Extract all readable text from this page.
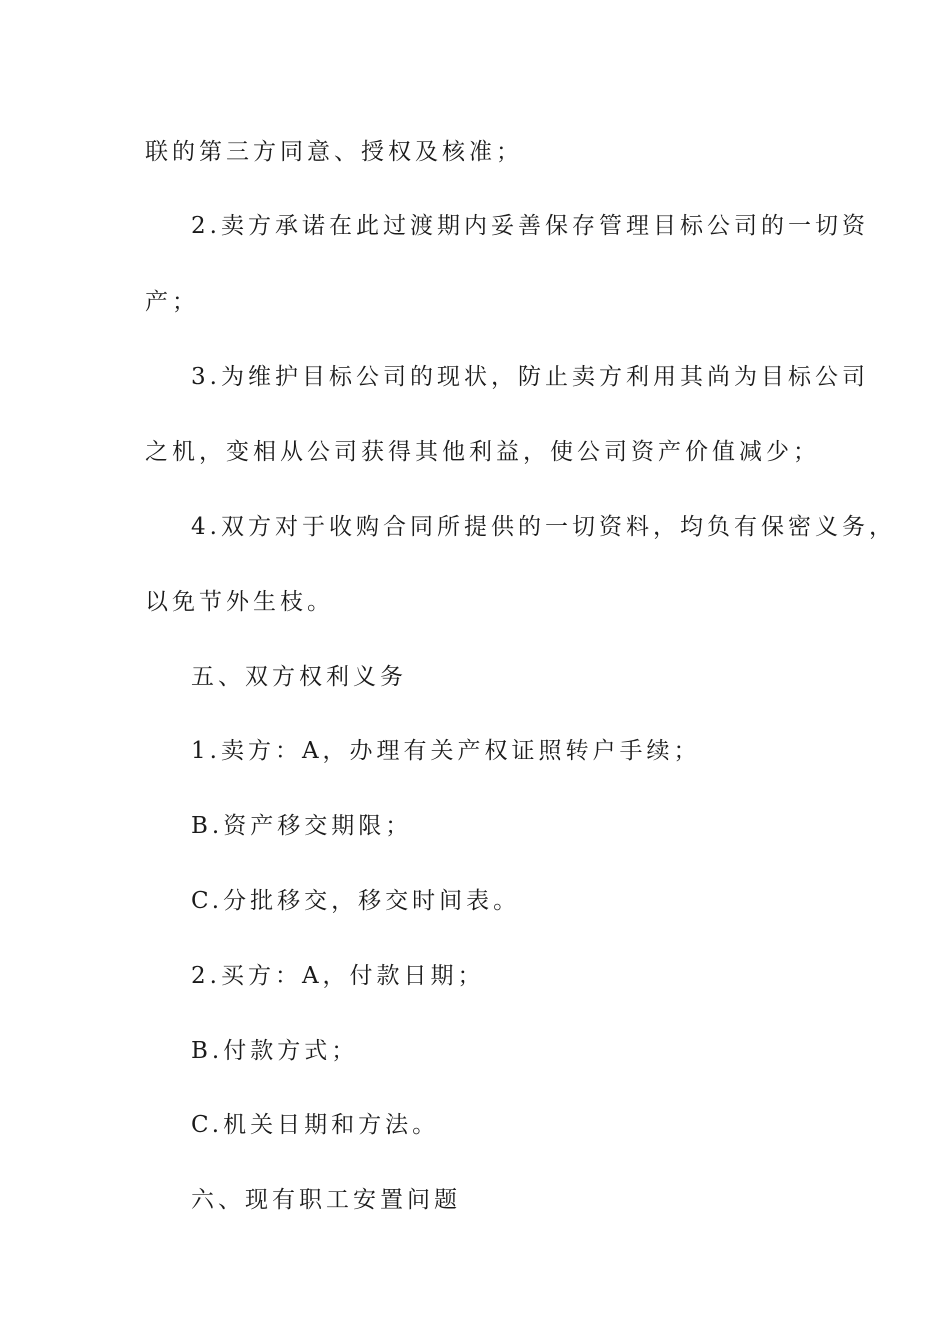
联的第三方同意、授权及核准；
2.卖方承诺在此过渡期内妥善保存管理目标公司的一切资
产；
3.为维护目标公司的现状，防止卖方利用其尚为目标公司
之机，变相从公司获得其他利益，使公司资产价值减少；
4.双方对于收购合同所提供的一切资料，均负有保密义务，
以免节外生枝。
五、双方权利义务
1.卖方：A，办理有关产权证照转户手续；
B.资产移交期限；
C.分批移交，移交时间表。
2.买方：A，付款日期；
B.付款方式；
C.机关日期和方法。
六、现有职工安置问题
